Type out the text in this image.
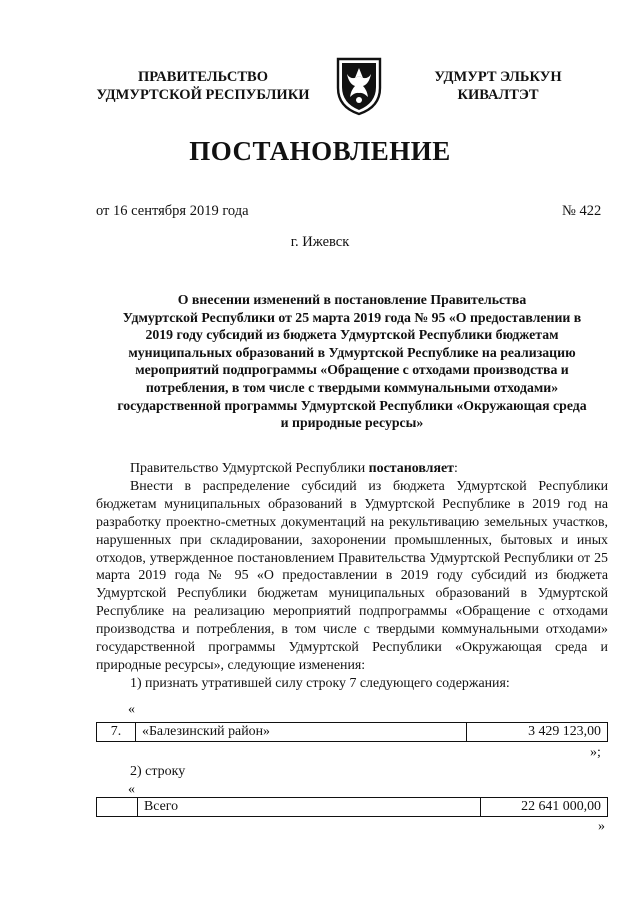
ПРАВИТЕЛЬСТВО
УДМУРТСКОЙ РЕСПУБЛИКИ
УДМУРТ ЭЛЬКУН
КИВАЛТЭТ
ПОСТАНОВЛЕНИЕ
от 16 сентября 2019 года	№ 422
г. Ижевск
О внесении изменений в постановление Правительства
Удмуртской Республики от 25 марта 2019 года № 95 «О предоставлении в
2019 году субсидий из бюджета Удмуртской Республики бюджетам
муниципальных образований в Удмуртской Республике на реализацию
мероприятий подпрограммы «Обращение с отходами производства и
потребления, в том числе с твердыми коммунальными отходами»
государственной программы Удмуртской Республики «Окружающая среда
и природные ресурсы»
Правительство Удмуртской Республики постановляет:
Внести в распределение субсидий из бюджета Удмуртской Республики бюджетам муниципальных образований в Удмуртской Республике в 2019 год на разработку проектно-сметных документаций на рекультивацию земельных участков, нарушенных при складировании, захоронении промышленных, бытовых и иных отходов, утвержденное постановлением Правительства Удмуртской Республики от 25 марта 2019 года № 95 «О предоставлении в 2019 году субсидий из бюджета Удмуртской Республики бюджетам муниципальных образований в Удмуртской Республике на реализацию мероприятий подпрограммы «Обращение с отходами производства и потребления, в том числе с твердыми коммунальными отходами» государственной программы Удмуртской Республики «Окружающая среда и природные ресурсы», следующие изменения:
1) признать утратившей силу строку 7 следующего содержания:
«
7.	«Балезинский район»	3 429 123,00
»;
2) строку
«
	Всего	22 641 000,00
»
